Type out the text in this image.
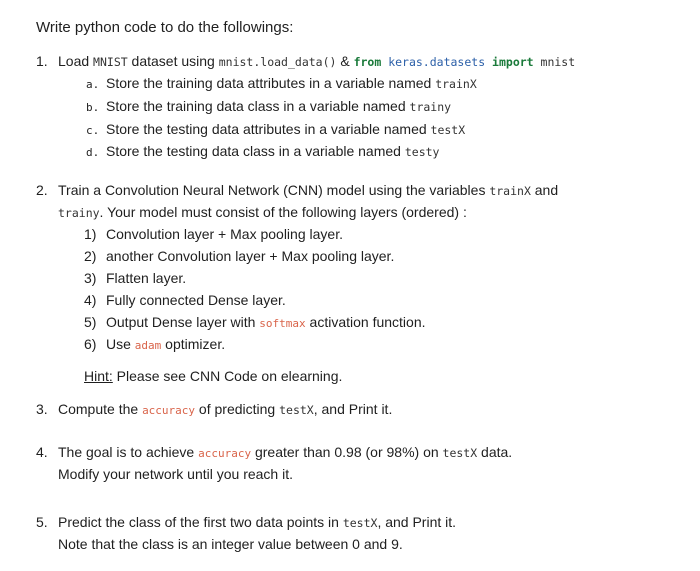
Write python code to do the followings:
1. Load MNIST dataset using mnist.load_data() & from keras.datasets import mnist
a. Store the training data attributes in a variable named trainX
b. Store the training data class in a variable named trainy
c. Store the testing data attributes in a variable named testX
d. Store the testing data class in a variable named testy
2. Train a Convolution Neural Network (CNN) model using the variables trainX and
trainy. Your model must consist of the following layers (ordered) :
1) Convolution layer + Max pooling layer.
2) another Convolution layer + Max pooling layer.
3) Flatten layer.
4) Fully connected Dense layer.
5) Output Dense layer with softmax activation function.
6) Use adam optimizer.
Hint: Please see CNN Code on elearning.
3. Compute the accuracy of predicting testX, and Print it.
4. The goal is to achieve accuracy greater than 0.98 (or 98%) on testX data.
Modify your network until you reach it.
5. Predict the class of the first two data points in testX, and Print it.
Note that the class is an integer value between 0 and 9.
